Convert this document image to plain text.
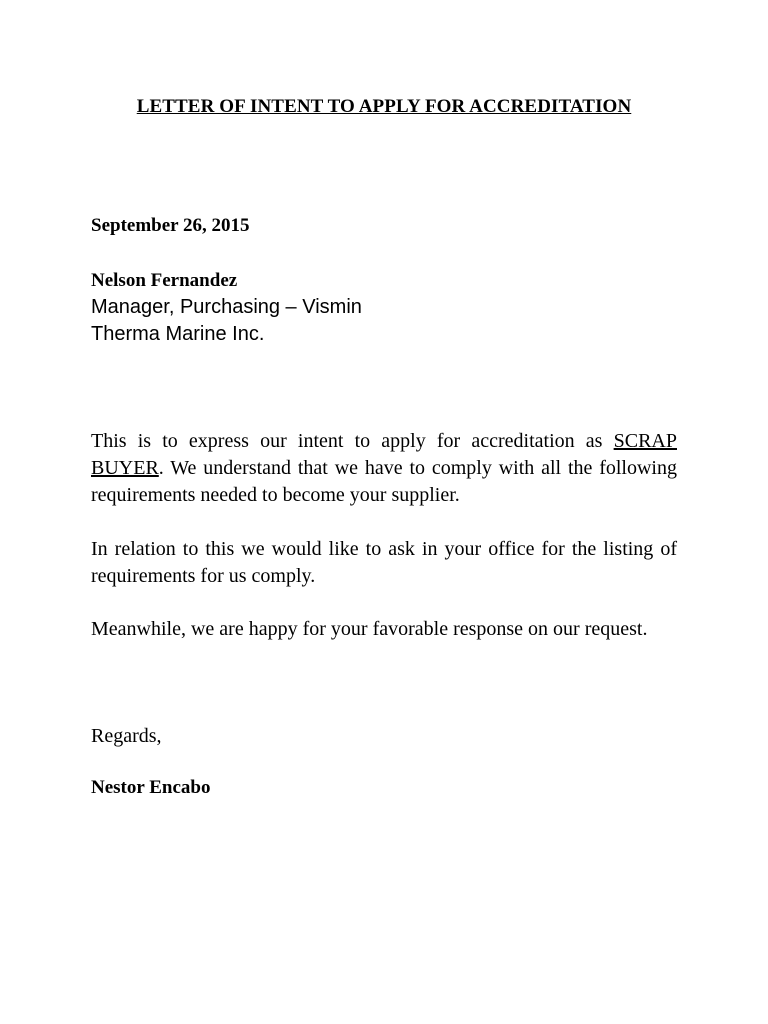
LETTER OF INTENT TO APPLY FOR ACCREDITATION
September 26, 2015
Nelson Fernandez
Manager, Purchasing – Vismin
Therma Marine Inc.
This is to express our intent to apply for accreditation as SCRAP BUYER. We understand that we have to comply with all the following requirements needed to become your supplier.
In relation to this we would like to ask in your office for the listing of requirements for us comply.
Meanwhile, we are happy for your favorable response on our request.
Regards,
Nestor Encabo
